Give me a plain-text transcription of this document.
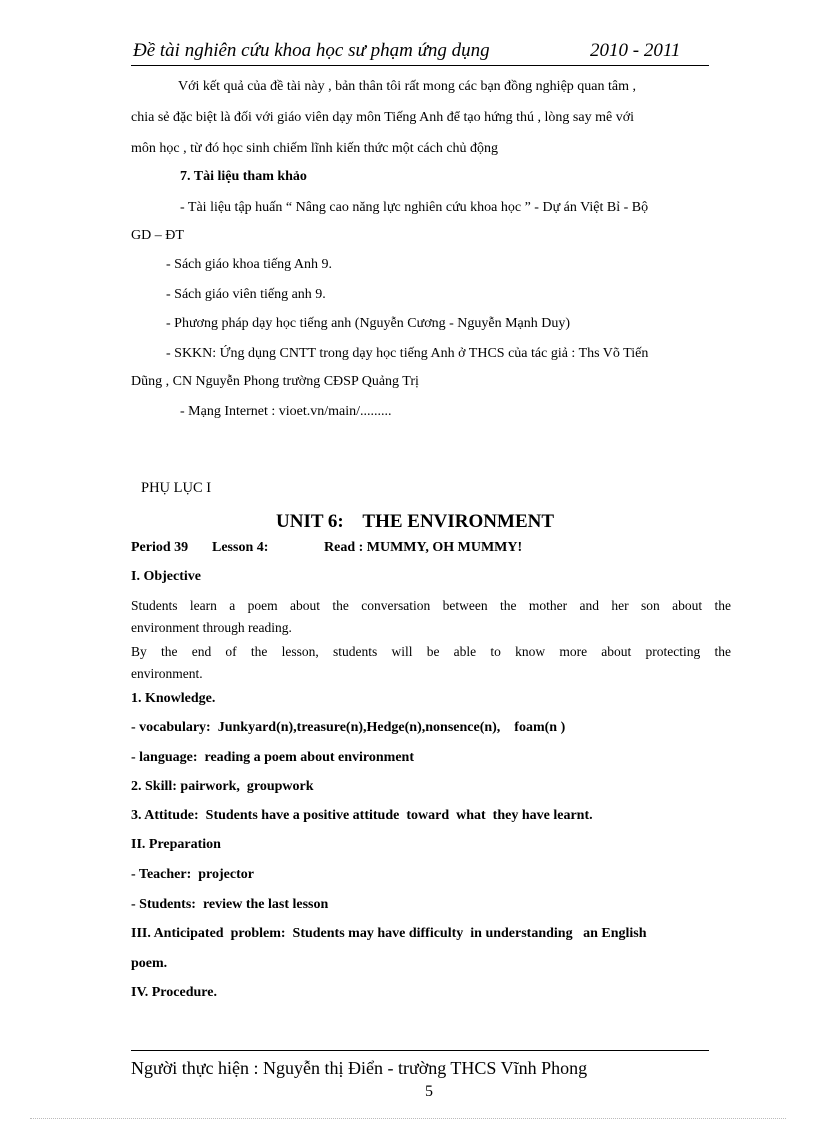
Đề tài nghiên cứu khoa học sư phạm ứng dụng	2010 - 2011
Với kết quả của đề tài này , bản thân tôi rất mong các bạn đồng nghiệp quan tâm ,
chia sẻ đặc biệt là đối với giáo viên dạy môn Tiếng Anh để tạo hứng thú , lòng say mê với
môn học , từ đó học sinh chiếm lĩnh kiến thức một cách chủ động
7. Tài liệu tham khảo
- Tài liệu tập huấn “ Nâng cao năng lực nghiên cứu khoa học ” - Dự án Việt Bỉ - Bộ
GD – ĐT
- Sách giáo khoa tiếng Anh 9.
- Sách giáo viên tiếng anh 9.
- Phương pháp dạy học tiếng anh (Nguyễn Cương - Nguyễn Mạnh Duy)
- SKKN: Ứng dụng CNTT trong dạy học tiếng Anh ở THCS của tác giả : Ths Võ Tiến
Dũng , CN Nguyễn Phong trường CĐSP Quảng Trị
- Mạng Internet : vioet.vn/main/.........
PHỤ LỤC I
UNIT 6:    THE ENVIRONMENT
Period 39 Lesson 4:	Read : MUMMY, OH MUMMY!
I. Objective
Students learn a poem about the conversation between the mother and her son about the
environment through reading.
By the end of the lesson, students will be able to know more about protecting the
environment.
1. Knowledge.
- vocabulary:  Junkyard(n),treasure(n),Hedge(n),nonsence(n),    foam(n )
- language:  reading a poem about environment
2. Skill: pairwork,  groupwork
3. Attitude:  Students have a positive attitude  toward  what  they have learnt.
II. Preparation
- Teacher:  projector
- Students:  review the last lesson
III. Anticipated  problem:  Students may have difficulty  in understanding   an English
poem.
IV. Procedure.
Người thực hiện : Nguyễn thị Điển - trường THCS Vĩnh Phong
5
